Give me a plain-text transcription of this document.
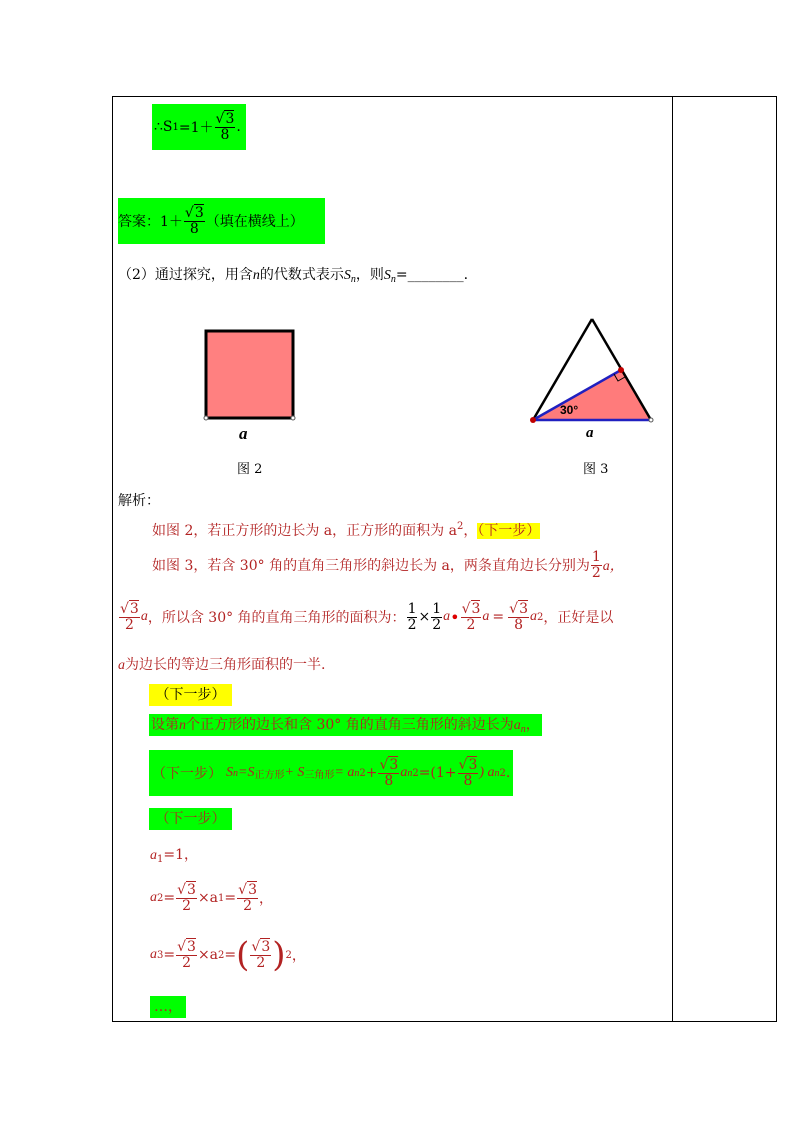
∴S $1 =1+ \frac{√3}{8}$ .
答案：$1+ \frac{√3}{8}$ （填在横线上）
（2）通过探究，用含n的代数式表示$S_n$，则$S_n=\_\_\_\_\_\_\_\_$.
a
图 2
30°
a
图 3
解析：
如图 2，若正方形的边长为 a，正方形的面积为 $a^2$，（下一步）
如图 3，若含 30° 角的直角三角形的斜边长为 a，两条直角边长分别为 $\frac{1}{2}$ a，
$\frac{√3}{2}$ a ，所以含 30° 角的直角三角形的面积为： $\frac{1}{2} \times \frac{1}{2}$ a • $\frac{√3}{2}$ $a = \frac{√3}{8}$ a 2 ，正好是以
a为边长的等边三角形面积的一半.
（下一步）
设第n个正方形的边长和含 30° 角的直角三角形的斜边长为$a_n$，
（下一步） S n =S 正方形 + S 三角形 = a n $2 + \frac{√3}{8}$ a n $2 =(1+ \frac{√3}{8}$ ) a n 2 .
（下一步）
$a_1=1$，
a $2 = \frac{√3}{2} \times a$ $1 = \frac{√3}{2}$ ，
a $3 = \frac{√3}{2} \times a$ 2 = ( $\frac{√3}{2}$ ) 2 ，
…，
